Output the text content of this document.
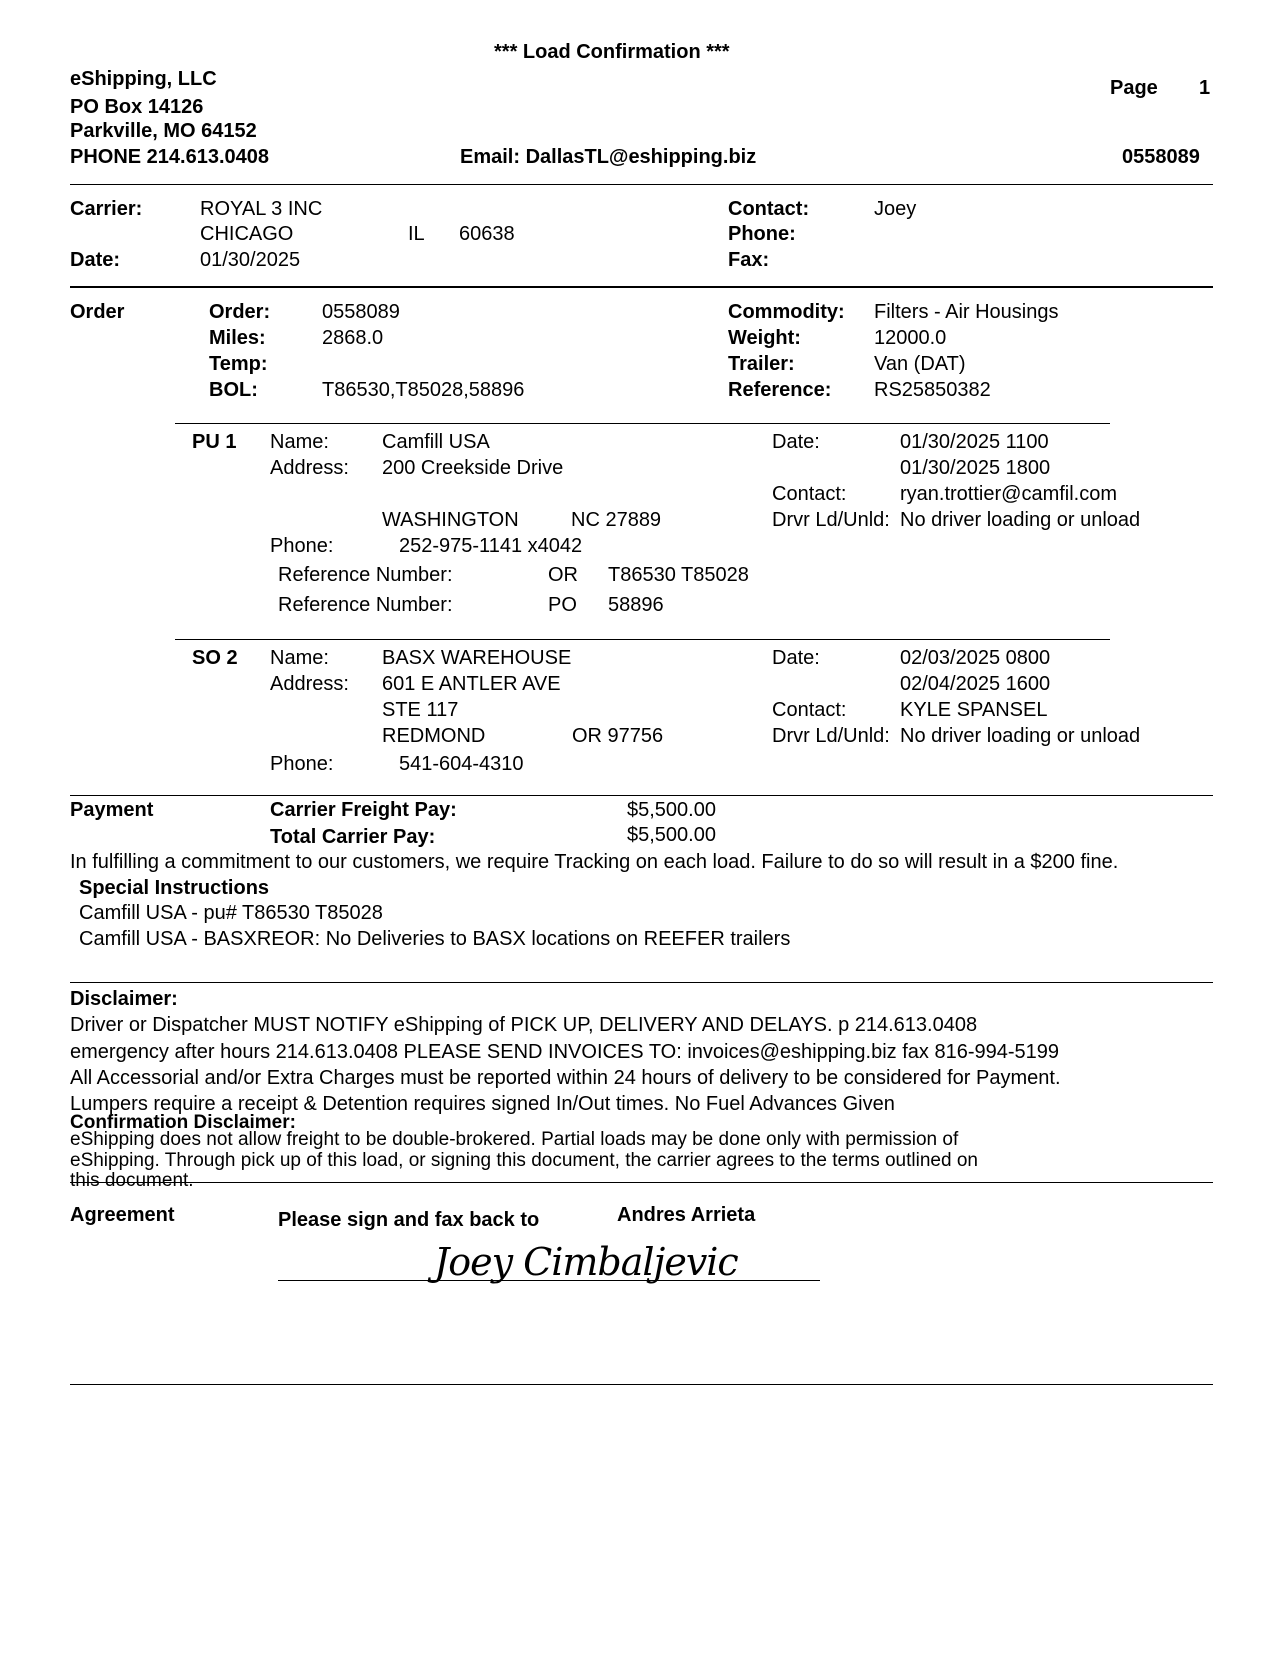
*** Load Confirmation ***
eShipping, LLC
PO Box 14126
Parkville, MO 64152
PHONE 214.613.0408	Email: DallasTL@eshipping.biz
Page 1
0558089
Carrier:	ROYAL 3 INC
CHICAGO	IL 60638
Date:	01/30/2025
Contact:	Joey
Phone:
Fax:
Order	Order:	0558089
Miles:	2868.0
Temp:
BOL:	T86530,T85028,58896
Commodity: Filters - Air Housings
Weight:	12000.0
Trailer:	Van (DAT)
Reference: RS25850382
PU 1 Name:	Camfill USA
Address: 200 Creekside Drive
WASHINGTON	NC 27889
Phone:	252-975-1141 x4042
Date:	01/30/2025 1100
01/30/2025 1800
Contact:	ryan.trottier@camfil.com
Drvr Ld/Unld: No driver loading or unload
Reference Number:	OR T86530 T85028
Reference Number:	PO 58896
SO 2 Name:	BASX WAREHOUSE
Address: 601 E ANTLER AVE
STE 117
REDMOND	OR 97756
Phone:	541-604-4310
Date:	02/03/2025 0800
02/04/2025 1600
Contact:	KYLE SPANSEL
Drvr Ld/Unld: No driver loading or unload
Payment	Carrier Freight Pay:	$5,500.00
Total Carrier Pay:	$5,500.00
In fulfilling a commitment to our customers, we require Tracking on each load. Failure to do so will result in a $200 fine.
Special Instructions
Camfill USA - pu# T86530 T85028
Camfill USA - BASXREOR: No Deliveries to BASX locations on REEFER trailers
Disclaimer:
Driver or Dispatcher MUST NOTIFY eShipping of PICK UP, DELIVERY AND DELAYS. p 214.613.0408
emergency after hours 214.613.0408 PLEASE SEND INVOICES TO: invoices@eshipping.biz fax 816-994-5199
All Accessorial and/or Extra Charges must be reported within 24 hours of delivery to be considered for Payment.
Lumpers require a receipt & Detention requires signed In/Out times. No Fuel Advances Given
Confirmation Disclaimer:
eShipping does not allow freight to be double-brokered. Partial loads may be done only with permission of
eShipping. Through pick up of this load, or signing this document, the carrier agrees to the terms outlined on
this document.
Agreement	Please sign and fax back to	Andres Arrieta
Joey Cimbaljevic
